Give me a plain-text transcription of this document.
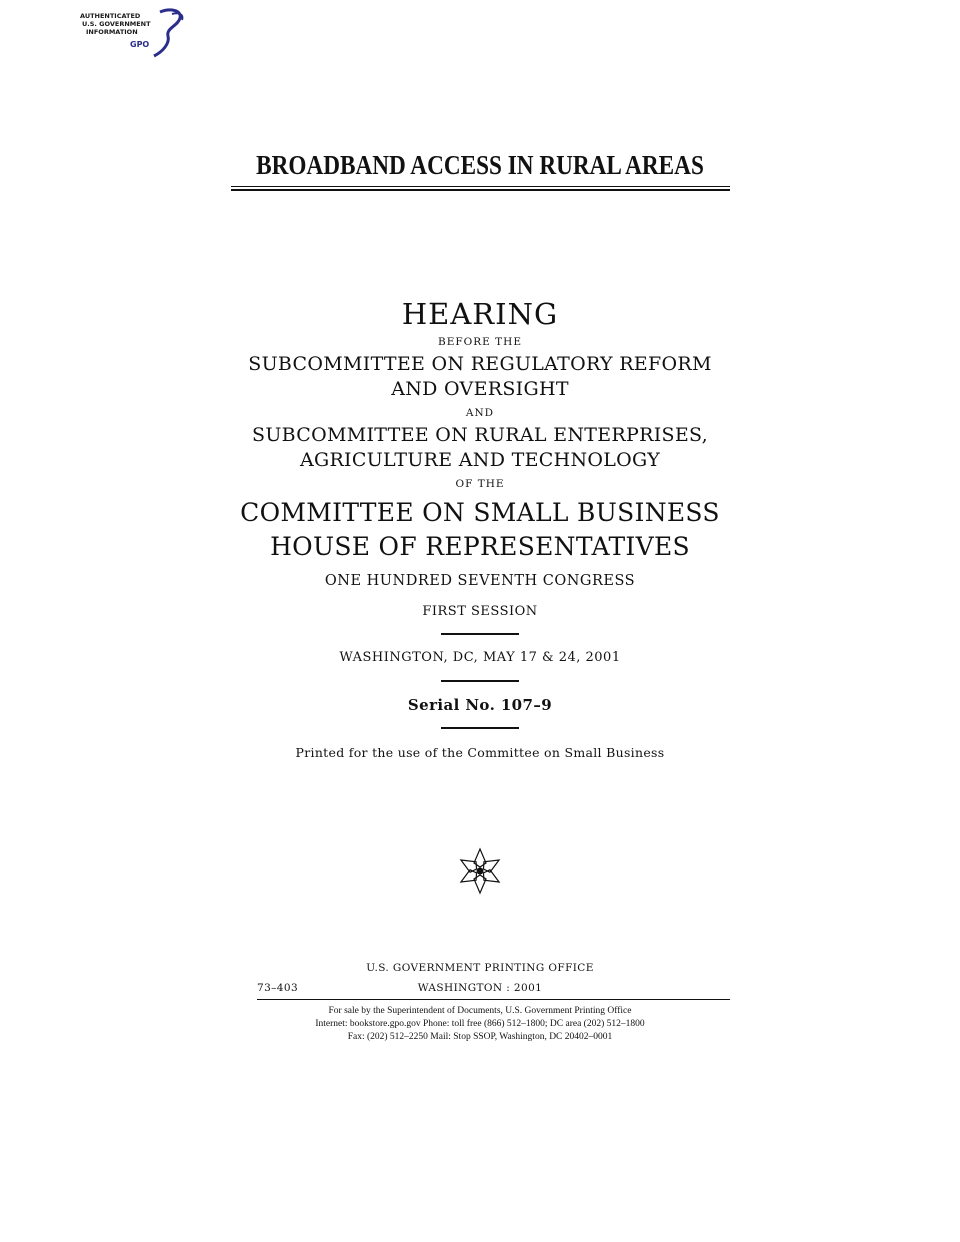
AUTHENTICATED
U.S. GOVERNMENT
INFORMATION
GPO
BROADBAND ACCESS IN RURAL AREAS
HEARING
BEFORE THE
SUBCOMMITTEE ON REGULATORY REFORM
AND OVERSIGHT
AND
SUBCOMMITTEE ON RURAL ENTERPRISES,
AGRICULTURE AND TECHNOLOGY
OF THE
COMMITTEE ON SMALL BUSINESS
HOUSE OF REPRESENTATIVES
ONE HUNDRED SEVENTH CONGRESS
FIRST SESSION
WASHINGTON, DC, MAY 17 & 24, 2001
Serial No. 107–9
Printed for the use of the Committee on Small Business
U.S. GOVERNMENT PRINTING OFFICE
73–403	WASHINGTON : 2001
For sale by the Superintendent of Documents, U.S. Government Printing Office
Internet: bookstore.gpo.gov Phone: toll free (866) 512–1800; DC area (202) 512–1800
Fax: (202) 512–2250 Mail: Stop SSOP, Washington, DC 20402–0001
